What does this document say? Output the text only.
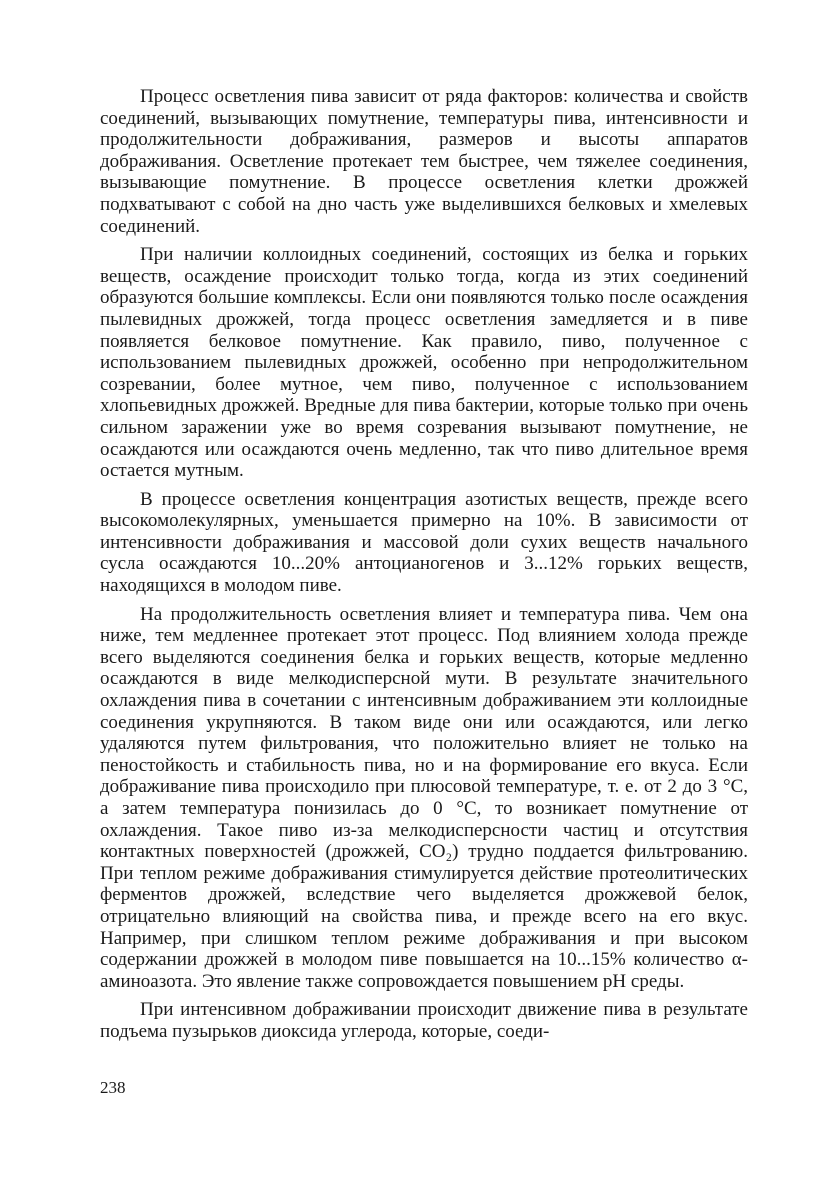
Процесс осветления пива зависит от ряда факторов: количества и свойств соединений, вызывающих помутнение, температуры пива, интенсивности и продолжительности дображивания, размеров и высоты аппаратов дображивания. Осветление протекает тем быстрее, чем тяжелее соединения, вызывающие помутнение. В процессе осветления клетки дрожжей подхватывают с собой на дно часть уже выделившихся белковых и хмелевых соединений.

При наличии коллоидных соединений, состоящих из белка и горьких веществ, осаждение происходит только тогда, когда из этих соединений образуются большие комплексы. Если они появляются только после осаждения пылевидных дрожжей, тогда процесс осветления замедляется и в пиве появляется белковое помутнение. Как правило, пиво, полученное с использованием пылевидных дрожжей, особенно при непродолжительном созревании, более мутное, чем пиво, полученное с использованием хлопьевидных дрожжей. Вредные для пива бактерии, которые только при очень сильном заражении уже во время созревания вызывают помутнение, не осаждаются или осаждаются очень медленно, так что пиво длительное время остается мутным.

В процессе осветления концентрация азотистых веществ, прежде всего высокомолекулярных, уменьшается примерно на 10%. В зависимости от интенсивности дображивания и массовой доли сухих веществ начального сусла осаждаются 10...20% антоцианогенов и 3...12% горьких веществ, находящихся в молодом пиве.

На продолжительность осветления влияет и температура пива. Чем она ниже, тем медленнее протекает этот процесс. Под влиянием холода прежде всего выделяются соединения белка и горьких веществ, которые медленно осаждаются в виде мелкодисперсной мути. В результате значительного охлаждения пива в сочетании с интенсивным дображиванием эти коллоидные соединения укрупняются. В таком виде они или осаждаются, или легко удаляются путем фильтрования, что положительно влияет не только на пеностойкость и стабильность пива, но и на формирование его вкуса. Если дображивание пива происходило при плюсовой температуре, т. е. от 2 до 3 °С, а затем температура понизилась до 0 °С, то возникает помутнение от охлаждения. Такое пиво из-за мелкодисперсности частиц и отсутствия контактных поверхностей (дрожжей, CO₂) трудно поддается фильтрованию. При теплом режиме дображивания стимулируется действие протеолитических ферментов дрожжей, вследствие чего выделяется дрожжевой белок, отрицательно влияющий на свойства пива, и прежде всего на его вкус. Например, при слишком теплом режиме дображивания и при высоком содержании дрожжей в молодом пиве повышается на 10...15% количество α-аминоазота. Это явление также сопровождается повышением рН среды.

При интенсивном дображивании происходит движение пива в результате подъема пузырьков диоксида углерода, которые, соеди-

238
